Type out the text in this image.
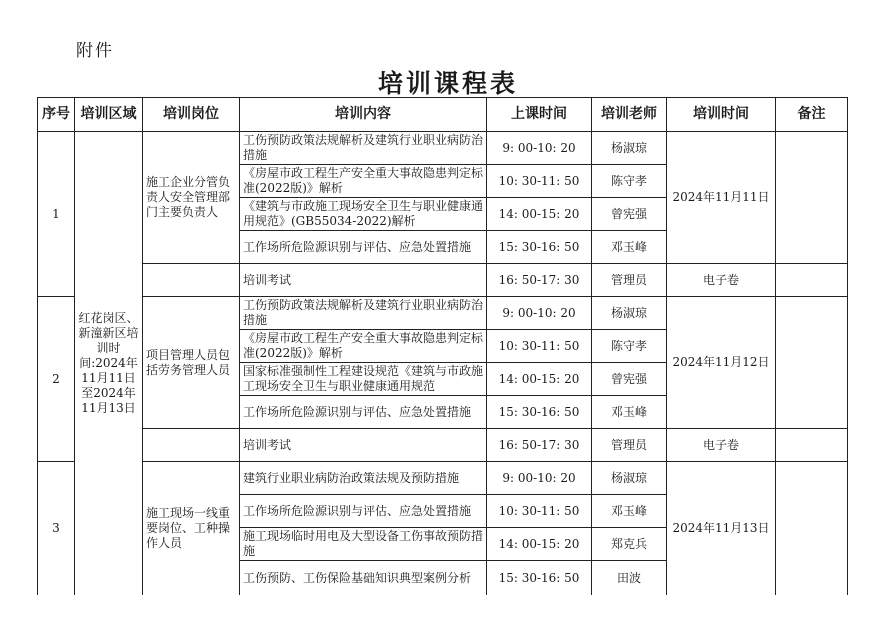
附件
培训课程表
序号	培训区域	培训岗位	培训内容	上课时间	培训老师	培训时间	备注
1	红花岗区、新潼新区培训时间:2024年11月11日至2024年11月13日	施工企业分管负责人安全管理部门主要负责人	工伤预防政策法规解析及建筑行业职业病防治措施	9: 00-10: 20	杨淑琼	2024年11月11日	
			《房屋市政工程生产安全重大事故隐患判定标准(2022版)》解析	10: 30-11: 50	陈守孝		
			《建筑与市政施工现场安全卫生与职业健康通用规范》(GB55034-2022)解析	14: 00-15: 20	曾宪强		
			工作场所危险源识别与评估、应急处置措施	15: 30-16: 50	邓玉峰		
			培训考试	16: 50-17: 30	管理员	电子卷	
2		项目管理人员包括劳务管理人员	工伤预防政策法规解析及建筑行业职业病防治措施	9: 00-10: 20	杨淑琼	2024年11月12日	
			《房屋市政工程生产安全重大事故隐患判定标准(2022版)》解析	10: 30-11: 50	陈守孝		
			国家标准强制性工程建设规范《建筑与市政施工现场安全卫生与职业健康通用规范	14: 00-15: 20	曾宪强		
			工作场所危险源识别与评估、应急处置措施	15: 30-16: 50	邓玉峰		
			培训考试	16: 50-17: 30	管理员	电子卷	
3		施工现场一线重要岗位、工种操作人员	建筑行业职业病防治政策法规及预防措施	9: 00-10: 20	杨淑琼	2024年11月13日	
			工作场所危险源识别与评估、应急处置措施	10: 30-11: 50	邓玉峰		
			施工现场临时用电及大型设备工伤事故预防措施	14: 00-15: 20	郑克兵		
			工伤预防、工伤保险基础知识典型案例分析	15: 30-16: 50	田波		
